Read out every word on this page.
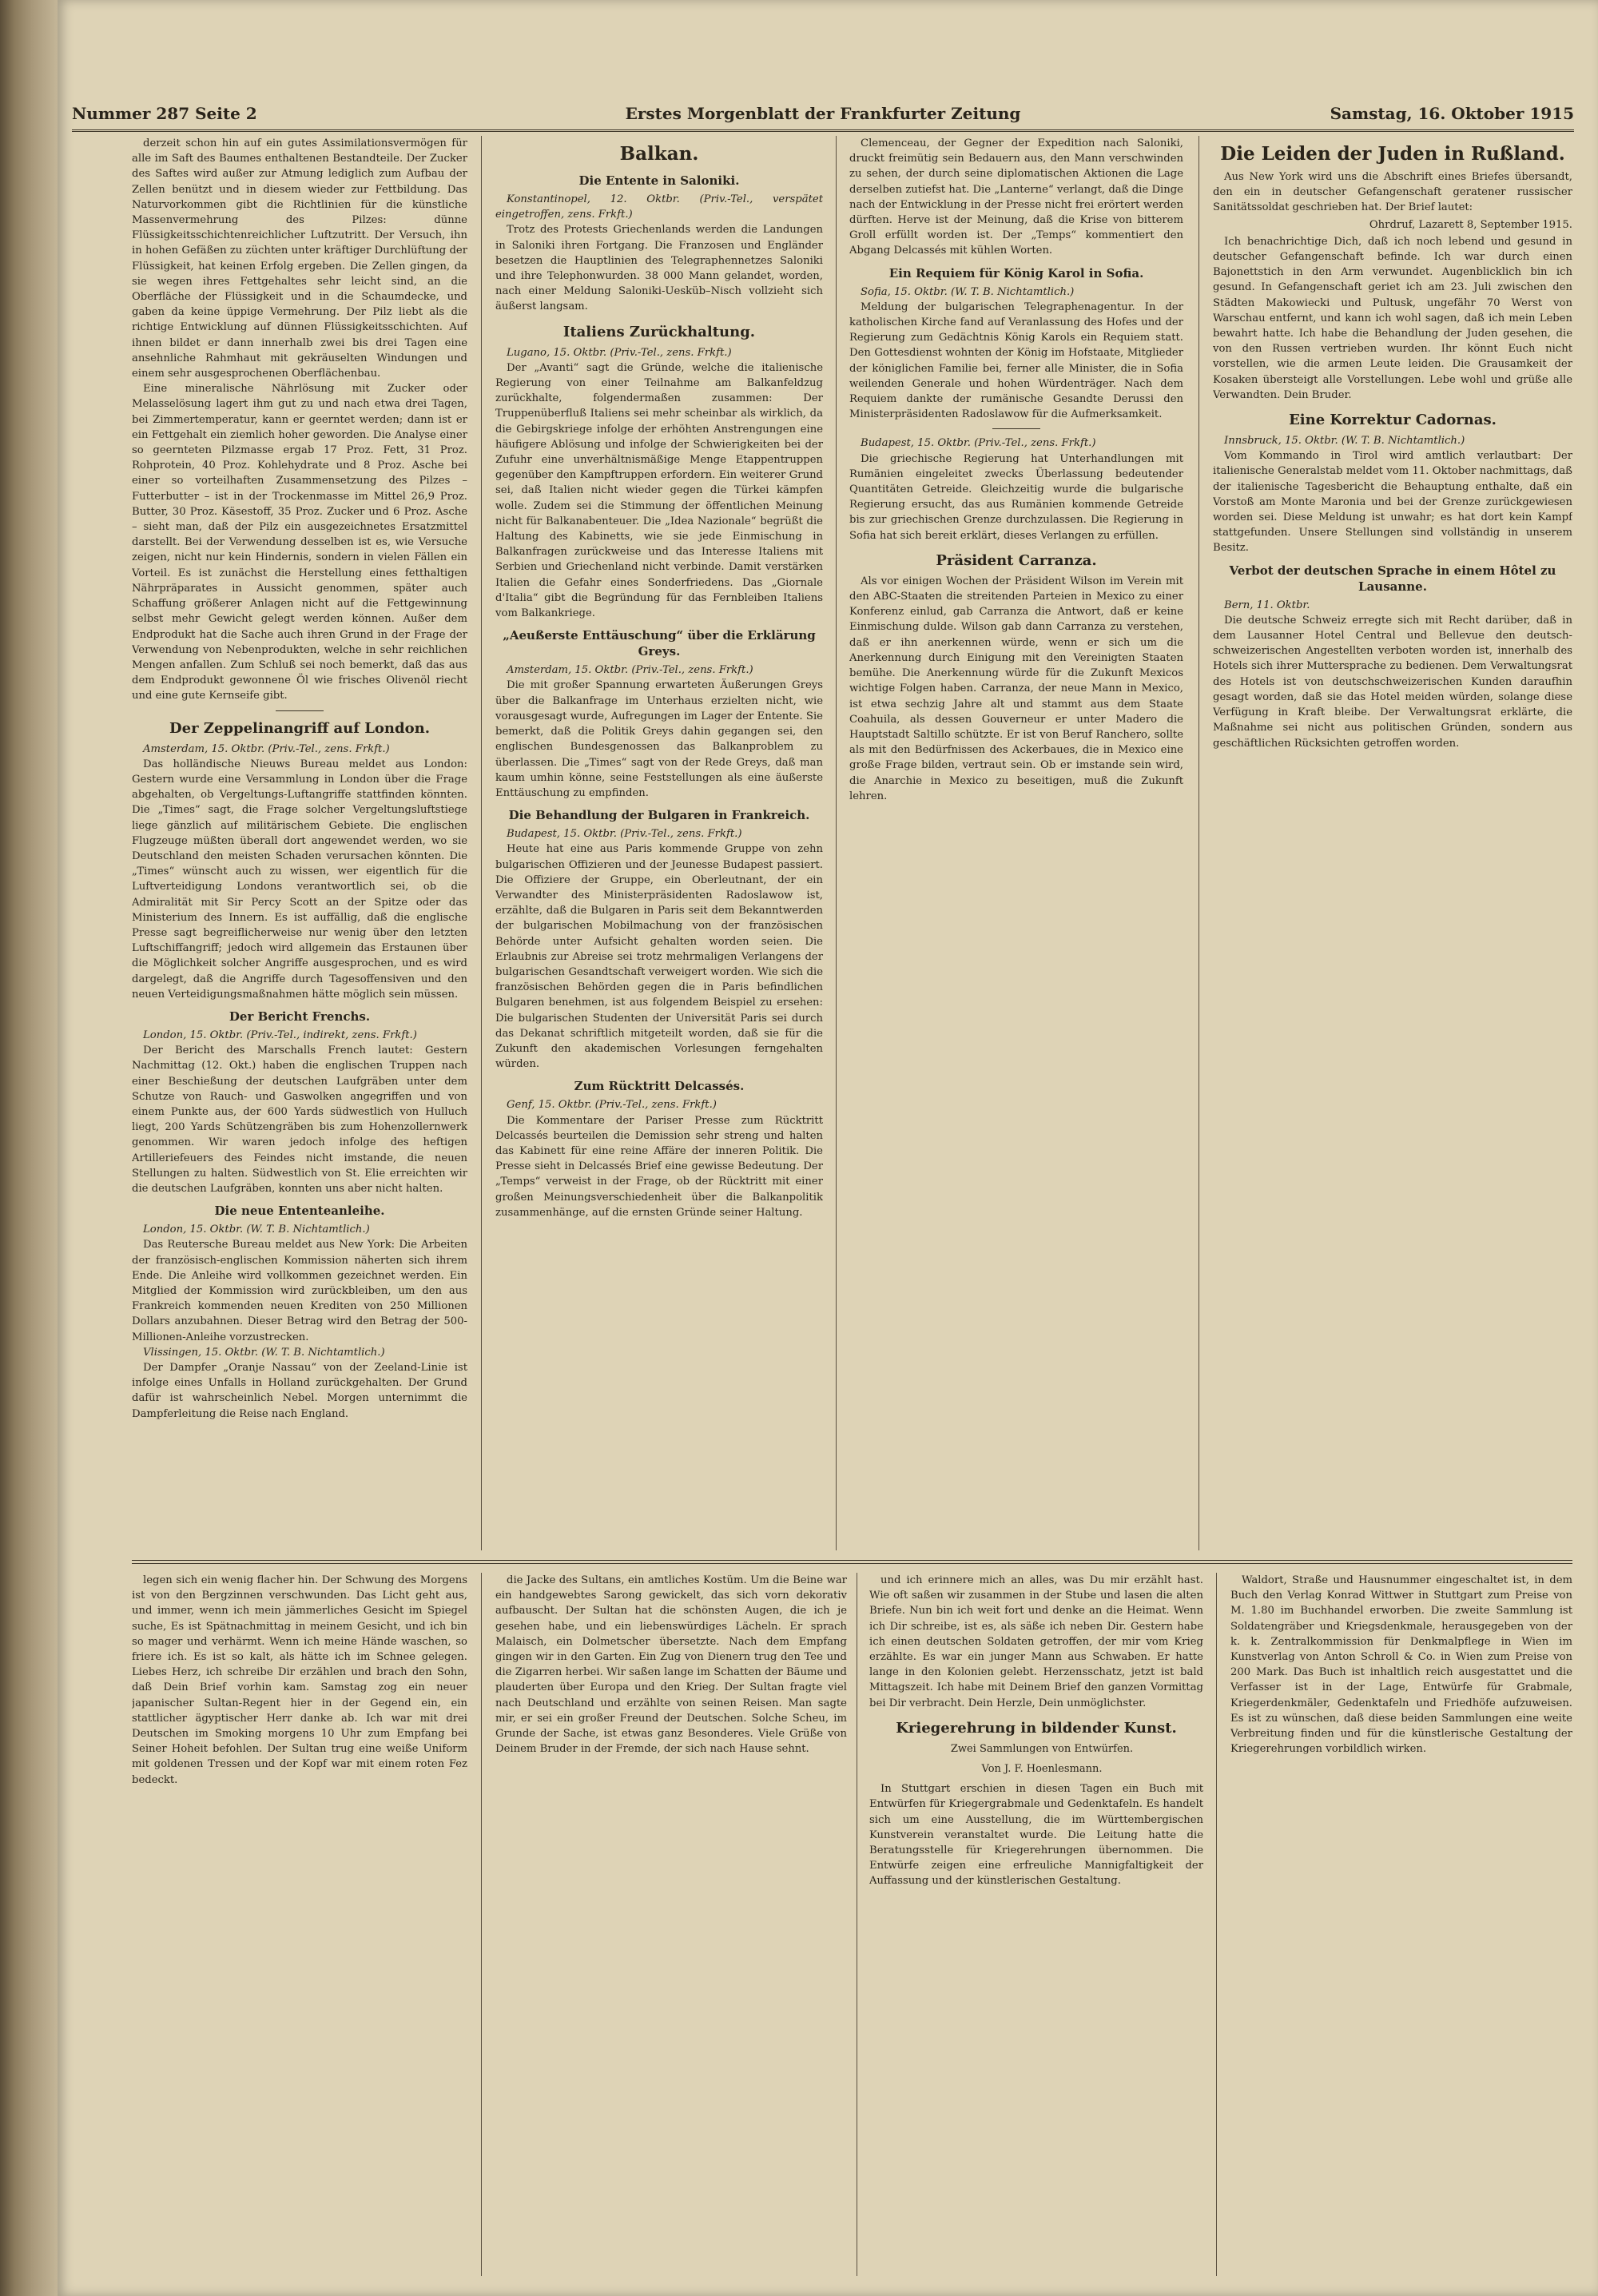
Nummer 287 Seite 2	Erstes Morgenblatt der Frankfurter Zeitung	Samstag, 16. Oktober 1915

derzeit schon hin auf ein gutes Assimilationsvermögen für alle im Saft des Baumes enthaltenen Bestandteile. Der Zucker des Saftes wird außer zur Atmung lediglich zum Aufbau der Zellen benützt und in diesem wieder zur Fettbildung. Das Naturvorkommen gibt die Richtlinien für die künstliche Massenvermehrung des Pilzes: dünne Flüssigkeitsschichtenreichlicher Luftzutritt. Der Versuch, ihn in hohen Gefäßen zu züchten unter kräftiger Durchlüftung der Flüssigkeit, hat keinen Erfolg ergeben. Die Zellen gingen, da sie wegen ihres Fettgehaltes sehr leicht sind, an die Oberfläche der Flüssigkeit und in die Schaumdecke, und gaben da keine üppige Vermehrung. Der Pilz liebt als die richtige Entwicklung auf dünnen Flüssigkeitsschichten. Auf ihnen bildet er dann innerhalb zwei bis drei Tagen eine ansehnliche Rahmhaut mit gekräuselten Windungen und einem sehr ausgesprochenen Oberflächenbau.

Eine mineralische Nährlösung mit Zucker oder Melasselösung lagert ihm gut zu und nach etwa drei Tagen, bei Zimmertemperatur, kann er geerntet werden; dann ist er ein Fettgehalt ein ziemlich hoher geworden. Die Analyse einer so geernteten Pilzmasse ergab 17 Proz. Fett, 31 Proz. Rohprotein, 40 Proz. Kohlehydrate und 8 Proz. Asche bei einer so vorteilhaften Zusammensetzung des Pilzes – Futterbutter – ist in der Trockenmasse im Mittel 26,9 Proz. Butter, 30 Proz. Käsestoff, 35 Proz. Zucker und 6 Proz. Asche – sieht man, daß der Pilz ein ausgezeichnetes Ersatzmittel darstellt. Bei der Verwendung desselben ist es, wie Versuche zeigen, nicht nur kein Hindernis, sondern in vielen Fällen ein Vorteil. Es ist zunächst die Herstellung eines fetthaltigen Nährpräparates in Aussicht genommen, später auch Schaffung größerer Anlagen nicht auf die Fettgewinnung selbst mehr Gewicht gelegt werden können. Außer dem Endprodukt hat die Sache auch ihren Grund in der Frage der Verwendung von Nebenprodukten, welche in sehr reichlichen Mengen anfallen. Zum Schluß sei noch bemerkt, daß das aus dem Endprodukt gewonnene Öl wie frisches Olivenöl riecht und eine gute Kernseife gibt.

Der Zeppelinangriff auf London.

Amsterdam, 15. Oktbr. (Priv.-Tel., zens. Frkft.)

Das holländische Nieuws Bureau meldet aus London: Gestern wurde eine Versammlung in London über die Frage abgehalten, ob Vergeltungs-Luftangriffe stattfinden könnten. Die „Times“ sagt, die Frage solcher Vergeltungsluftstiege liege gänzlich auf militärischem Gebiete. Die englischen Flugzeuge müßten überall dort angewendet werden, wo sie Deutschland den meisten Schaden verursachen könnten. Die „Times“ wünscht auch zu wissen, wer eigentlich für die Luftverteidigung Londons verantwortlich sei, ob die Admiralität mit Sir Percy Scott an der Spitze oder das Ministerium des Innern. Es ist auffällig, daß die englische Presse sagt begreiflicherweise nur wenig über den letzten Luftschiffangriff; jedoch wird allgemein das Erstaunen über die Möglichkeit solcher Angriffe ausgesprochen, und es wird dargelegt, daß die Angriffe durch Tagesoffensiven und den neuen Verteidigungsmaßnahmen hätte möglich sein müssen.

Der Bericht Frenchs.

London, 15. Oktbr. (Priv.-Tel., indirekt, zens. Frkft.)

Der Bericht des Marschalls French lautet: Gestern Nachmittag (12. Okt.) haben die englischen Truppen nach einer Beschießung der deutschen Laufgräben unter dem Schutze von Rauch- und Gaswolken angegriffen und von einem Punkte aus, der 600 Yards südwestlich von Hulluch liegt, 200 Yards Schützengräben bis zum Hohenzollernwerk genommen. Wir waren jedoch infolge des heftigen Artilleriefeuers des Feindes nicht imstande, die neuen Stellungen zu halten. Südwestlich von St. Elie erreichten wir die deutschen Laufgräben, konnten uns aber nicht halten.

Die neue Ententeanleihe.

London, 15. Oktbr. (W. T. B. Nichtamtlich.)

Das Reutersche Bureau meldet aus New York: Die Arbeiten der französisch-englischen Kommission näherten sich ihrem Ende. Die Anleihe wird vollkommen gezeichnet werden. Ein Mitglied der Kommission wird zurückbleiben, um den aus Frankreich kommenden neuen Krediten von 250 Millionen Dollars anzubahnen. Dieser Betrag wird den Betrag der 500-Millionen-Anleihe vorzustrecken.

Vlissingen, 15. Oktbr. (W. T. B. Nichtamtlich.)

Der Dampfer „Oranje Nassau“ von der Zeeland-Linie ist infolge eines Unfalls in Holland zurückgehalten. Der Grund dafür ist wahrscheinlich Nebel. Morgen unternimmt die Dampferleitung die Reise nach England.

Balkan.
Die Entente in Saloniki.

Konstantinopel, 12. Oktbr. (Priv.-Tel., verspätet eingetroffen, zens. Frkft.)

Trotz des Protests Griechenlands werden die Landungen in Saloniki ihren Fortgang. Die Franzosen und Engländer besetzen die Hauptlinien des Telegraphennetzes Saloniki und ihre Telephonwurden. 38 000 Mann gelandet, worden, nach einer Meldung Saloniki-Uesküb–Nisch vollzieht sich äußerst langsam.

Italiens Zurückhaltung.

Lugano, 15. Oktbr. (Priv.-Tel., zens. Frkft.)

Der „Avanti“ sagt die Gründe, welche die italienische Regierung von einer Teilnahme am Balkanfeldzug zurückhalte, folgendermaßen zusammen: Der Truppenüberfluß Italiens sei mehr scheinbar als wirklich, da die Gebirgskriege infolge der erhöhten Anstrengungen eine häufigere Ablösung und infolge der Schwierigkeiten bei der Zufuhr eine unverhältnismäßige Menge Etappentruppen gegenüber den Kampftruppen erfordern. Ein weiterer Grund sei, daß Italien nicht wieder gegen die Türkei kämpfen wolle. Zudem sei die Stimmung der öffentlichen Meinung nicht für Balkanabenteuer. Die „Idea Nazionale“ begrüßt die Haltung des Kabinetts, wie sie jede Einmischung in Balkanfragen zurückweise und das Interesse Italiens mit Serbien und Griechenland nicht verbinde. Damit verstärken Italien die Gefahr eines Sonderfriedens. Das „Giornale d'Italia“ gibt die Begründung für das Fernbleiben Italiens vom Balkankriege.

„Aeußerste Enttäuschung“ über die Erklärung Greys.

Amsterdam, 15. Oktbr. (Priv.-Tel., zens. Frkft.)

Die mit großer Spannung erwarteten Äußerungen Greys über die Balkanfrage im Unterhaus erzielten nicht, wie vorausgesagt wurde, Aufregungen im Lager der Entente. Sie bemerkt, daß die Politik Greys dahin gegangen sei, den englischen Bundesgenossen das Balkanproblem zu überlassen. Die „Times“ sagt von der Rede Greys, daß man kaum umhin könne, seine Feststellungen als eine äußerste Enttäuschung zu empfinden.

Die Behandlung der Bulgaren in Frankreich.

Budapest, 15. Oktbr. (Priv.-Tel., zens. Frkft.)

Heute hat eine aus Paris kommende Gruppe von zehn bulgarischen Offizieren und der Jeunesse Budapest passiert. Die Offiziere der Gruppe, ein Oberleutnant, der ein Verwandter des Ministerpräsidenten Radoslawow ist, erzählte, daß die Bulgaren in Paris seit dem Bekanntwerden der bulgarischen Mobilmachung von der französischen Behörde unter Aufsicht gehalten worden seien. Die Erlaubnis zur Abreise sei trotz mehrmaligen Verlangens der bulgarischen Gesandtschaft verweigert worden. Wie sich die französischen Behörden gegen die in Paris befindlichen Bulgaren benehmen, ist aus folgendem Beispiel zu ersehen: Die bulgarischen Studenten der Universität Paris sei durch das Dekanat schriftlich mitgeteilt worden, daß sie für die Zukunft den akademischen Vorlesungen ferngehalten würden.

Zum Rücktritt Delcassés.

Genf, 15. Oktbr. (Priv.-Tel., zens. Frkft.)

Die Kommentare der Pariser Presse zum Rücktritt Delcassés beurteilen die Demission sehr streng und halten das Kabinett für eine reine Affäre der inneren Politik. Die Presse sieht in Delcassés Brief eine gewisse Bedeutung. Der „Temps“ verweist in der Frage, ob der Rücktritt mit einer großen Meinungsverschiedenheit über die Balkanpolitik zusammenhänge, auf die ernsten Gründe seiner Haltung.

Clemenceau, der Gegner der Expedition nach Saloniki, druckt freimütig sein Bedauern aus, den Mann verschwinden zu sehen, der durch seine diplomatischen Aktionen die Lage derselben zutiefst hat. Die „Lanterne“ verlangt, daß die Dinge nach der Entwicklung in der Presse nicht frei erörtert werden dürften. Herve ist der Meinung, daß die Krise von bitterem Groll erfüllt worden ist. Der „Temps“ kommentiert den Abgang Delcassés mit kühlen Worten.

Ein Requiem für König Karol in Sofia.

Sofia, 15. Oktbr. (W. T. B. Nichtamtlich.)

Meldung der bulgarischen Telegraphenagentur. In der katholischen Kirche fand auf Veranlassung des Hofes und der Regierung zum Gedächtnis König Karols ein Requiem statt. Den Gottesdienst wohnten der König im Hofstaate, Mitglieder der königlichen Familie bei, ferner alle Minister, die in Sofia weilenden Generale und hohen Würdenträger. Nach dem Requiem dankte der rumänische Gesandte Derussi den Ministerpräsidenten Radoslawow für die Aufmerksamkeit.

Budapest, 15. Oktbr. (Priv.-Tel., zens. Frkft.)

Die griechische Regierung hat Unterhandlungen mit Rumänien eingeleitet zwecks Überlassung bedeutender Quantitäten Getreide. Gleichzeitig wurde die bulgarische Regierung ersucht, das aus Rumänien kommende Getreide bis zur griechischen Grenze durchzulassen. Die Regierung in Sofia hat sich bereit erklärt, dieses Verlangen zu erfüllen.

Präsident Carranza.

Als vor einigen Wochen der Präsident Wilson im Verein mit den ABC-Staaten die streitenden Parteien in Mexico zu einer Konferenz einlud, gab Carranza die Antwort, daß er keine Einmischung dulde. Wilson gab dann Carranza zu verstehen, daß er ihn anerkennen würde, wenn er sich um die Anerkennung durch Einigung mit den Vereinigten Staaten bemühe. Die Anerkennung würde für die Zukunft Mexicos wichtige Folgen haben. Carranza, der neue Mann in Mexico, ist etwa sechzig Jahre alt und stammt aus dem Staate Coahuila, als dessen Gouverneur er unter Madero die Hauptstadt Saltillo schützte. Er ist von Beruf Ranchero, sollte als mit den Bedürfnissen des Ackerbaues, die in Mexico eine große Frage bilden, vertraut sein. Ob er imstande sein wird, die Anarchie in Mexico zu beseitigen, muß die Zukunft lehren.

Die Leiden der Juden in Rußland.

Aus New York wird uns die Abschrift eines Briefes übersandt, den ein in deutscher Gefangenschaft geratener russischer Sanitätssoldat geschrieben hat. Der Brief lautet:

Ohrdruf, Lazarett 8, September 1915.

Ich benachrichtige Dich, daß ich noch lebend und gesund in deutscher Gefangenschaft befinde. Ich war durch einen Bajonettstich in den Arm verwundet. Augenblicklich bin ich gesund. In Gefangenschaft geriet ich am 23. Juli zwischen den Städten Makowiecki und Pultusk, ungefähr 70 Werst von Warschau entfernt, und kann ich wohl sagen, daß ich mein Leben bewahrt hatte. Ich habe die Behandlung der Juden gesehen, die von den Russen vertrieben wurden. Ihr könnt Euch nicht vorstellen, wie die armen Leute leiden. Die Grausamkeit der Kosaken übersteigt alle Vorstellungen. Lebe wohl und grüße alle Verwandten. Dein Bruder.

Eine Korrektur Cadornas.

Innsbruck, 15. Oktbr. (W. T. B. Nichtamtlich.)

Vom Kommando in Tirol wird amtlich verlautbart: Der italienische Generalstab meldet vom 11. Oktober nachmittags, daß der italienische Tagesbericht die Behauptung enthalte, daß ein Vorstoß am Monte Maronia und bei der Grenze zurückgewiesen worden sei. Diese Meldung ist unwahr; es hat dort kein Kampf stattgefunden. Unsere Stellungen sind vollständig in unserem Besitz.

Verbot der deutschen Sprache in einem Hôtel zu Lausanne.

Bern, 11. Oktbr.

Die deutsche Schweiz erregte sich mit Recht darüber, daß in dem Lausanner Hotel Central und Bellevue den deutsch-schweizerischen Angestellten verboten worden ist, innerhalb des Hotels sich ihrer Muttersprache zu bedienen. Dem Verwaltungsrat des Hotels ist von deutschschweizerischen Kunden daraufhin gesagt worden, daß sie das Hotel meiden würden, solange diese Verfügung in Kraft bleibe. Der Verwaltungsrat erklärte, die Maßnahme sei nicht aus politischen Gründen, sondern aus geschäftlichen Rücksichten getroffen worden.

legen sich ein wenig flacher hin. Der Schwung des Morgens ist von den Bergzinnen verschwunden. Das Licht geht aus, und immer, wenn ich mein jämmerliches Gesicht im Spiegel suche, Es ist Spätnachmittag in meinem Gesicht, und ich bin so mager und verhärmt. Wenn ich meine Hände waschen, so friere ich. Es ist so kalt, als hätte ich im Schnee gelegen. Liebes Herz, ich schreibe Dir erzählen und brach den Sohn, daß Dein Brief vorhin kam. Samstag zog ein neuer japanischer Sultan-Regent hier in der Gegend ein, ein stattlicher ägyptischer Herr danke ab. Ich war mit drei Deutschen im Smoking morgens 10 Uhr zum Empfang bei Seiner Hoheit befohlen. Der Sultan trug eine weiße Uniform mit goldenen Tressen und der Kopf war mit einem roten Fez bedeckt.

die Jacke des Sultans, ein amtliches Kostüm. Um die Beine war ein handgewebtes Sarong gewickelt, das sich vorn dekorativ aufbauscht. Der Sultan hat die schönsten Augen, die ich je gesehen habe, und ein liebenswürdiges Lächeln. Er sprach Malaisch, ein Dolmetscher übersetzte. Nach dem Empfang gingen wir in den Garten. Ein Zug von Dienern trug den Tee und die Zigarren herbei. Wir saßen lange im Schatten der Bäume und plauderten über Europa und den Krieg. Der Sultan fragte viel nach Deutschland und erzählte von seinen Reisen. Man sagte mir, er sei ein großer Freund der Deutschen. Solche Scheu, im Grunde der Sache, ist etwas ganz Besonderes. Viele Grüße von Deinem Bruder in der Fremde, der sich nach Hause sehnt.

und ich erinnere mich an alles, was Du mir erzählt hast. Wie oft saßen wir zusammen in der Stube und lasen die alten Briefe. Nun bin ich weit fort und denke an die Heimat. Wenn ich Dir schreibe, ist es, als säße ich neben Dir. Gestern habe ich einen deutschen Soldaten getroffen, der mir vom Krieg erzählte. Es war ein junger Mann aus Schwaben. Er hatte lange in den Kolonien gelebt. Herzensschatz, jetzt ist bald Mittagszeit. Ich habe mit Deinem Brief den ganzen Vormittag bei Dir verbracht. Dein Herzle, Dein unmöglichster.

Kriegerehrung in bildender Kunst.

Zwei Sammlungen von Entwürfen.

Von J. F. Hoenlesmann.

In Stuttgart erschien in diesen Tagen ein Buch mit Entwürfen für Kriegergrabmale und Gedenktafeln. Es handelt sich um eine Ausstellung, die im Württembergischen Kunstverein veranstaltet wurde. Die Leitung hatte die Beratungsstelle für Kriegerehrungen übernommen. Die Entwürfe zeigen eine erfreuliche Mannigfaltigkeit der Auffassung und der künstlerischen Gestaltung.

Waldort, Straße und Hausnummer eingeschaltet ist, in dem Buch den Verlag Konrad Wittwer in Stuttgart zum Preise von M. 1.80 im Buchhandel erworben. Die zweite Sammlung ist Soldatengräber und Kriegsdenkmale, herausgegeben von der k. k. Zentralkommission für Denkmalpflege in Wien im Kunstverlag von Anton Schroll & Co. in Wien zum Preise von 200 Mark. Das Buch ist inhaltlich reich ausgestattet und die Verfasser ist in der Lage, Entwürfe für Grabmale, Kriegerdenkmäler, Gedenktafeln und Friedhöfe aufzuweisen. Es ist zu wünschen, daß diese beiden Sammlungen eine weite Verbreitung finden und für die künstlerische Gestaltung der Kriegerehrungen vorbildlich wirken.
